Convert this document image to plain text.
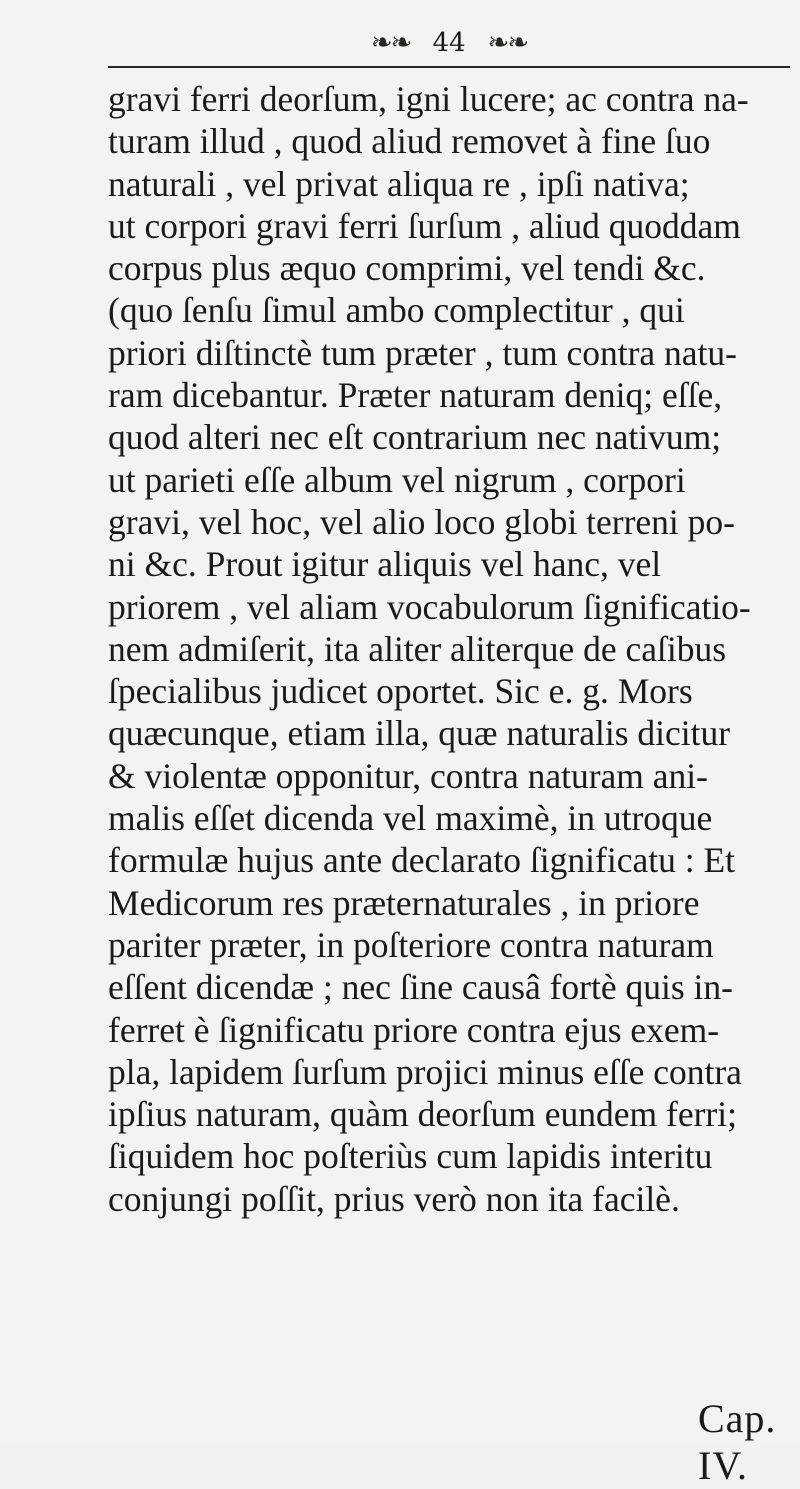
❧❧ 44 ❧❧
gravi ferri deorſum, igni lucere; ac contra na-
turam illud , quod aliud removet à fine ſuo
naturali , vel privat aliqua re , ipſi nativa;
ut corpori gravi ferri ſurſum , aliud quoddam
corpus plus æquo comprimi, vel tendi &c.
(quo ſenſu ſimul ambo complectitur , qui
priori diſtinctè tum præter , tum contra natu-
ram dicebantur. Præter naturam deniq; eſſe,
quod alteri nec eſt contrarium nec nativum;
ut parieti eſſe album vel nigrum , corpori
gravi, vel hoc, vel alio loco globi terreni po-
ni &c. Prout igitur aliquis vel hanc, vel
priorem , vel aliam vocabulorum ſignificatio-
nem admiſerit, ita aliter aliterque de caſibus
ſpecialibus judicet oportet. Sic e. g. Mors
quæcunque, etiam illa, quæ naturalis dicitur
& violentæ opponitur, contra naturam ani-
malis eſſet dicenda vel maximè, in utroque
formulæ hujus ante declarato ſignificatu : Et
Medicorum res præternaturales , in priore
pariter præter, in poſteriore contra naturam
eſſent dicendæ ; nec ſine causâ fortè quis in-
ferret è ſignificatu priore contra ejus exem-
pla, lapidem ſurſum projici minus eſſe contra
ipſius naturam, quàm deorſum eundem ferri;
ſiquidem hoc poſteriùs cum lapidis interitu
conjungi poſſit, prius verò non ita facilè.
Cap. IV.
